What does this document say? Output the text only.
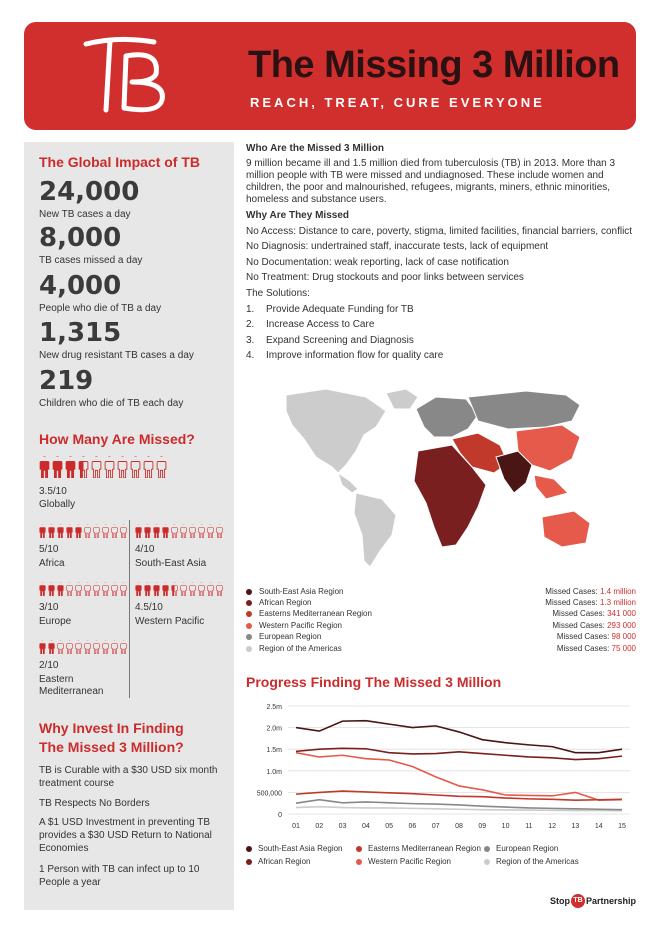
The Missing 3 Million
REACH, TREAT, CURE EVERYONE
The Global Impact of TB
24,000
New TB cases a day
8,000
TB cases missed a day
4,000
People who die of TB a day
1,315
New drug resistant TB cases a day
219
Children who die of TB each day
How Many Are Missed?
3.5/10
Globally
5/10
Africa
4/10
South-East Asia
3/10
Europe
4.5/10
Western Pacific
2/10
Eastern Mediterranean
Why Invest In Finding
The Missed 3 Million?
TB is Curable with a $30 USD six month treatment course
TB Respects No Borders
A $1 USD Investment in preventing TB provides a $30 USD Return to National Economies
1 Person with TB can infect up to 10 People a year
Who Are the Missed 3 Million
9 million became ill and 1.5 million died from tuberculosis (TB) in 2013. More than 3 million people with TB were missed and undiagnosed. These include women and children, the poor and malnourished, refugees, migrants, miners, ethnic minorities, homeless and substance users.
Why Are They Missed
No Access: Distance to care, poverty, stigma, limited facilities, financial barriers, conflict
No Diagnosis: undertrained staff, inaccurate tests, lack of equipment
No Documentation: weak reporting, lack of case notification
No Treatment: Drug stockouts and poor links between services
The Solutions:
1. Provide Adequate Funding for TB
2. Increase Access to Care
3. Expand Screening and Diagnosis
4. Improve information flow for quality care
South-East Asia Region	Missed Cases: 1.4 million
African Region	Missed Cases: 1.3 million
Easterns Mediterranean Region	Missed Cases: 341 000
Western Pacific Region	Missed Cases: 293 000
European Region	Missed Cases: 98 000
Region of the Americas	Missed Cases: 75 000
Progress Finding The Missed 3 Million
0
500,000
1.0m
1.5m
2.0m
2.5m
01 02 03 04 05 06 07 08 09 10 11 12 13 14 15
South-East Asia Region	Easterns Mediterranean Region	European Region
African Region	Western Pacific Region	Region of the Americas
Stop TB Partnership
